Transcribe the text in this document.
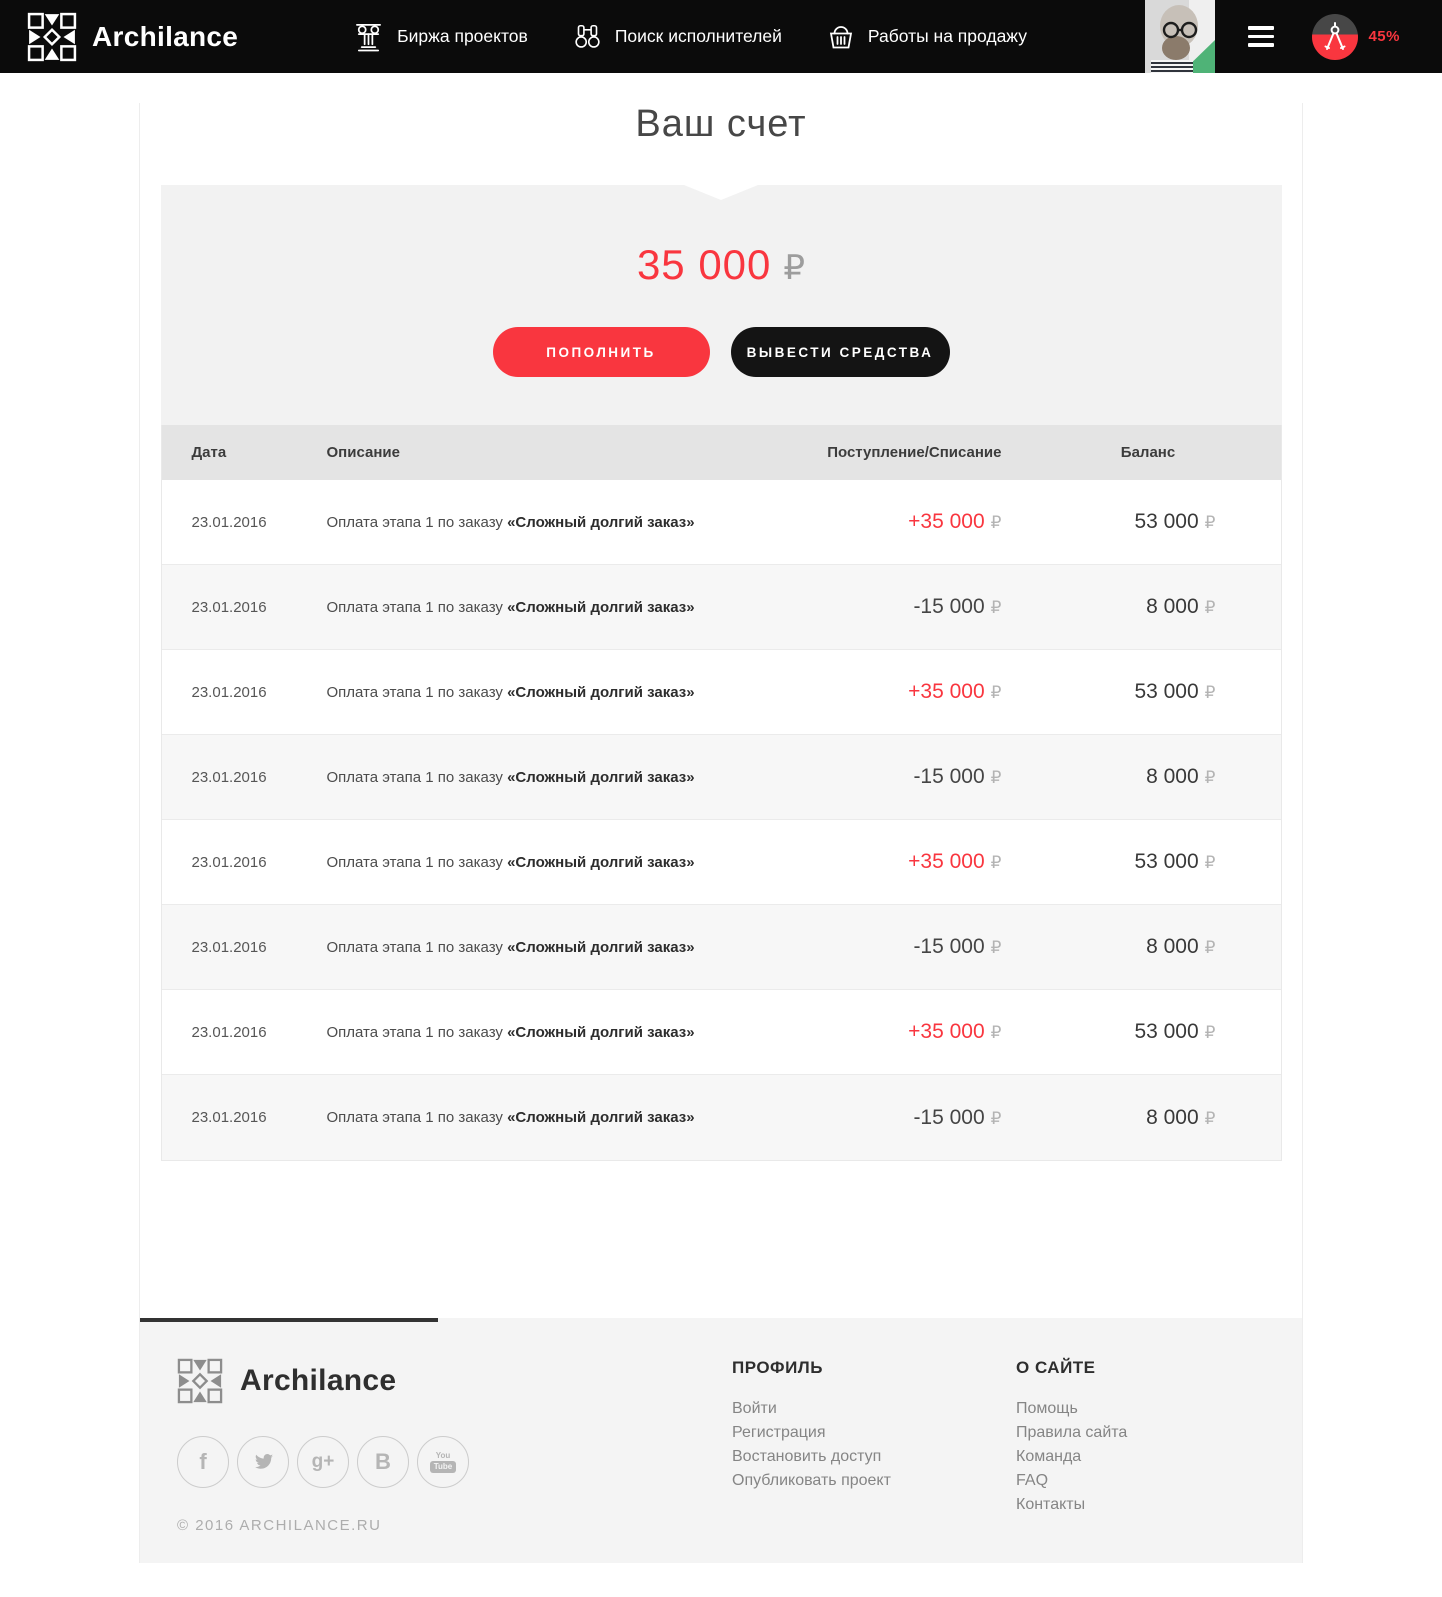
Archilance	Биржа проектов	Поиск исполнителей	Работы на продажу	45%
Ваш счет
35 000 ₽
ПОПОЛНИТЬ	ВЫВЕСТИ СРЕДСТВА
Дата	Описание	Поступление/Списание	Баланс
23.01.2016	Оплата этапа 1 по заказу «Сложный долгий заказ»	+35 000 ₽	53 000 ₽
23.01.2016	Оплата этапа 1 по заказу «Сложный долгий заказ»	-15 000 ₽	8 000 ₽
23.01.2016	Оплата этапа 1 по заказу «Сложный долгий заказ»	+35 000 ₽	53 000 ₽
23.01.2016	Оплата этапа 1 по заказу «Сложный долгий заказ»	-15 000 ₽	8 000 ₽
23.01.2016	Оплата этапа 1 по заказу «Сложный долгий заказ»	+35 000 ₽	53 000 ₽
23.01.2016	Оплата этапа 1 по заказу «Сложный долгий заказ»	-15 000 ₽	8 000 ₽
23.01.2016	Оплата этапа 1 по заказу «Сложный долгий заказ»	+35 000 ₽	53 000 ₽
23.01.2016	Оплата этапа 1 по заказу «Сложный долгий заказ»	-15 000 ₽	8 000 ₽
Archilance
f	g+ B	You
Tube
© 2016 ARCHILANCE.RU
ПРОФИЛЬ
Войти
Регистрация
Востановить доступ
Опубликовать проект
О САЙТЕ
Помощь
Правила сайта
Команда
FAQ
Контакты
